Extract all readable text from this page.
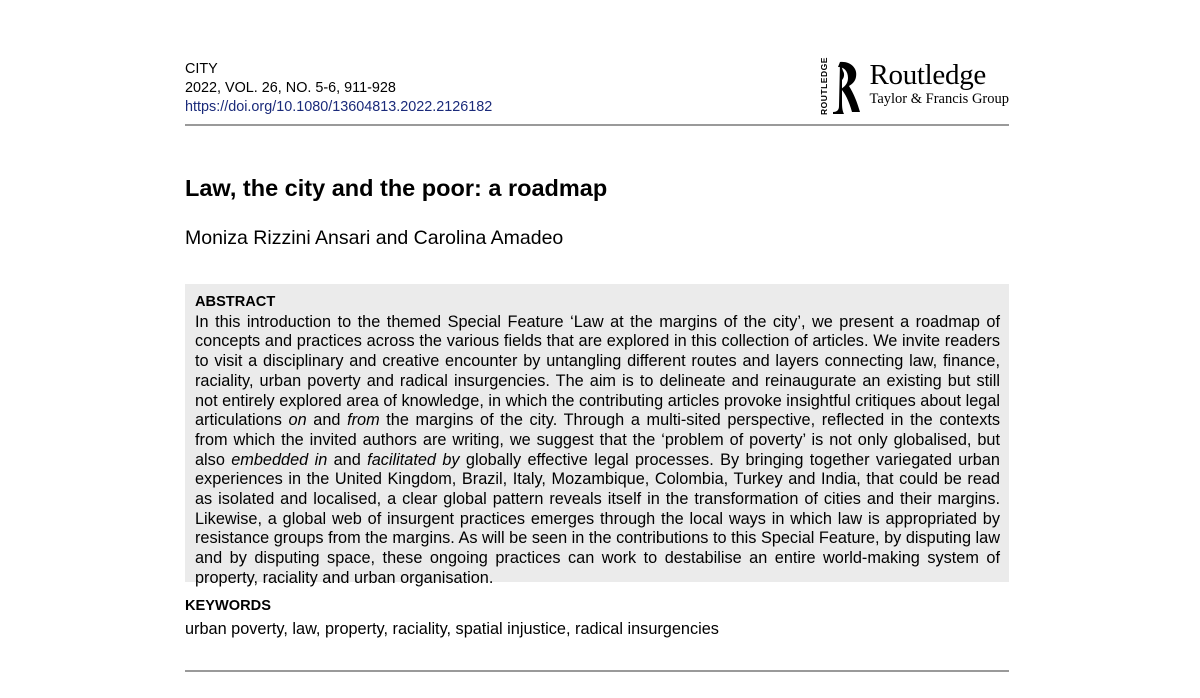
CITY
2022, VOL. 26, NO. 5-6, 911-928
https://doi.org/10.1080/13604813.2022.2126182	ROUTLEDGE Routledge
Taylor & Francis Group
Law, the city and the poor: a roadmap
Moniza Rizzini Ansari and Carolina Amadeo
ABSTRACT

In this introduction to the themed Special Feature ‘Law at the margins of the city’, we present a roadmap of concepts and practices across the various fields that are explored in this collection of articles. We invite readers to visit a disciplinary and creative encounter by untangling different routes and layers connecting law, finance, raciality, urban poverty and radical insurgencies. The aim is to delineate and reinaugurate an existing but still not entirely explored area of knowledge, in which the contributing articles provoke insightful critiques about legal articulations on and from the margins of the city. Through a multi-sited perspective, reflected in the contexts from which the invited authors are writing, we suggest that the ‘problem of poverty’ is not only globalised, but also embedded in and facilitated by globally effective legal processes. By bringing together variegated urban experiences in the United Kingdom, Brazil, Italy, Mozambique, Colombia, Turkey and India, that could be read as isolated and localised, a clear global pattern reveals itself in the transformation of cities and their margins. Likewise, a global web of insurgent practices emerges through the local ways in which law is appropriated by resistance groups from the margins. As will be seen in the contributions to this Special Feature, by disputing law and by disputing space, these ongoing practices can work to destabilise an entire world-making system of property, raciality and urban organisation.

KEYWORDS
urban poverty, law, property, raciality, spatial injustice, radical insurgencies
